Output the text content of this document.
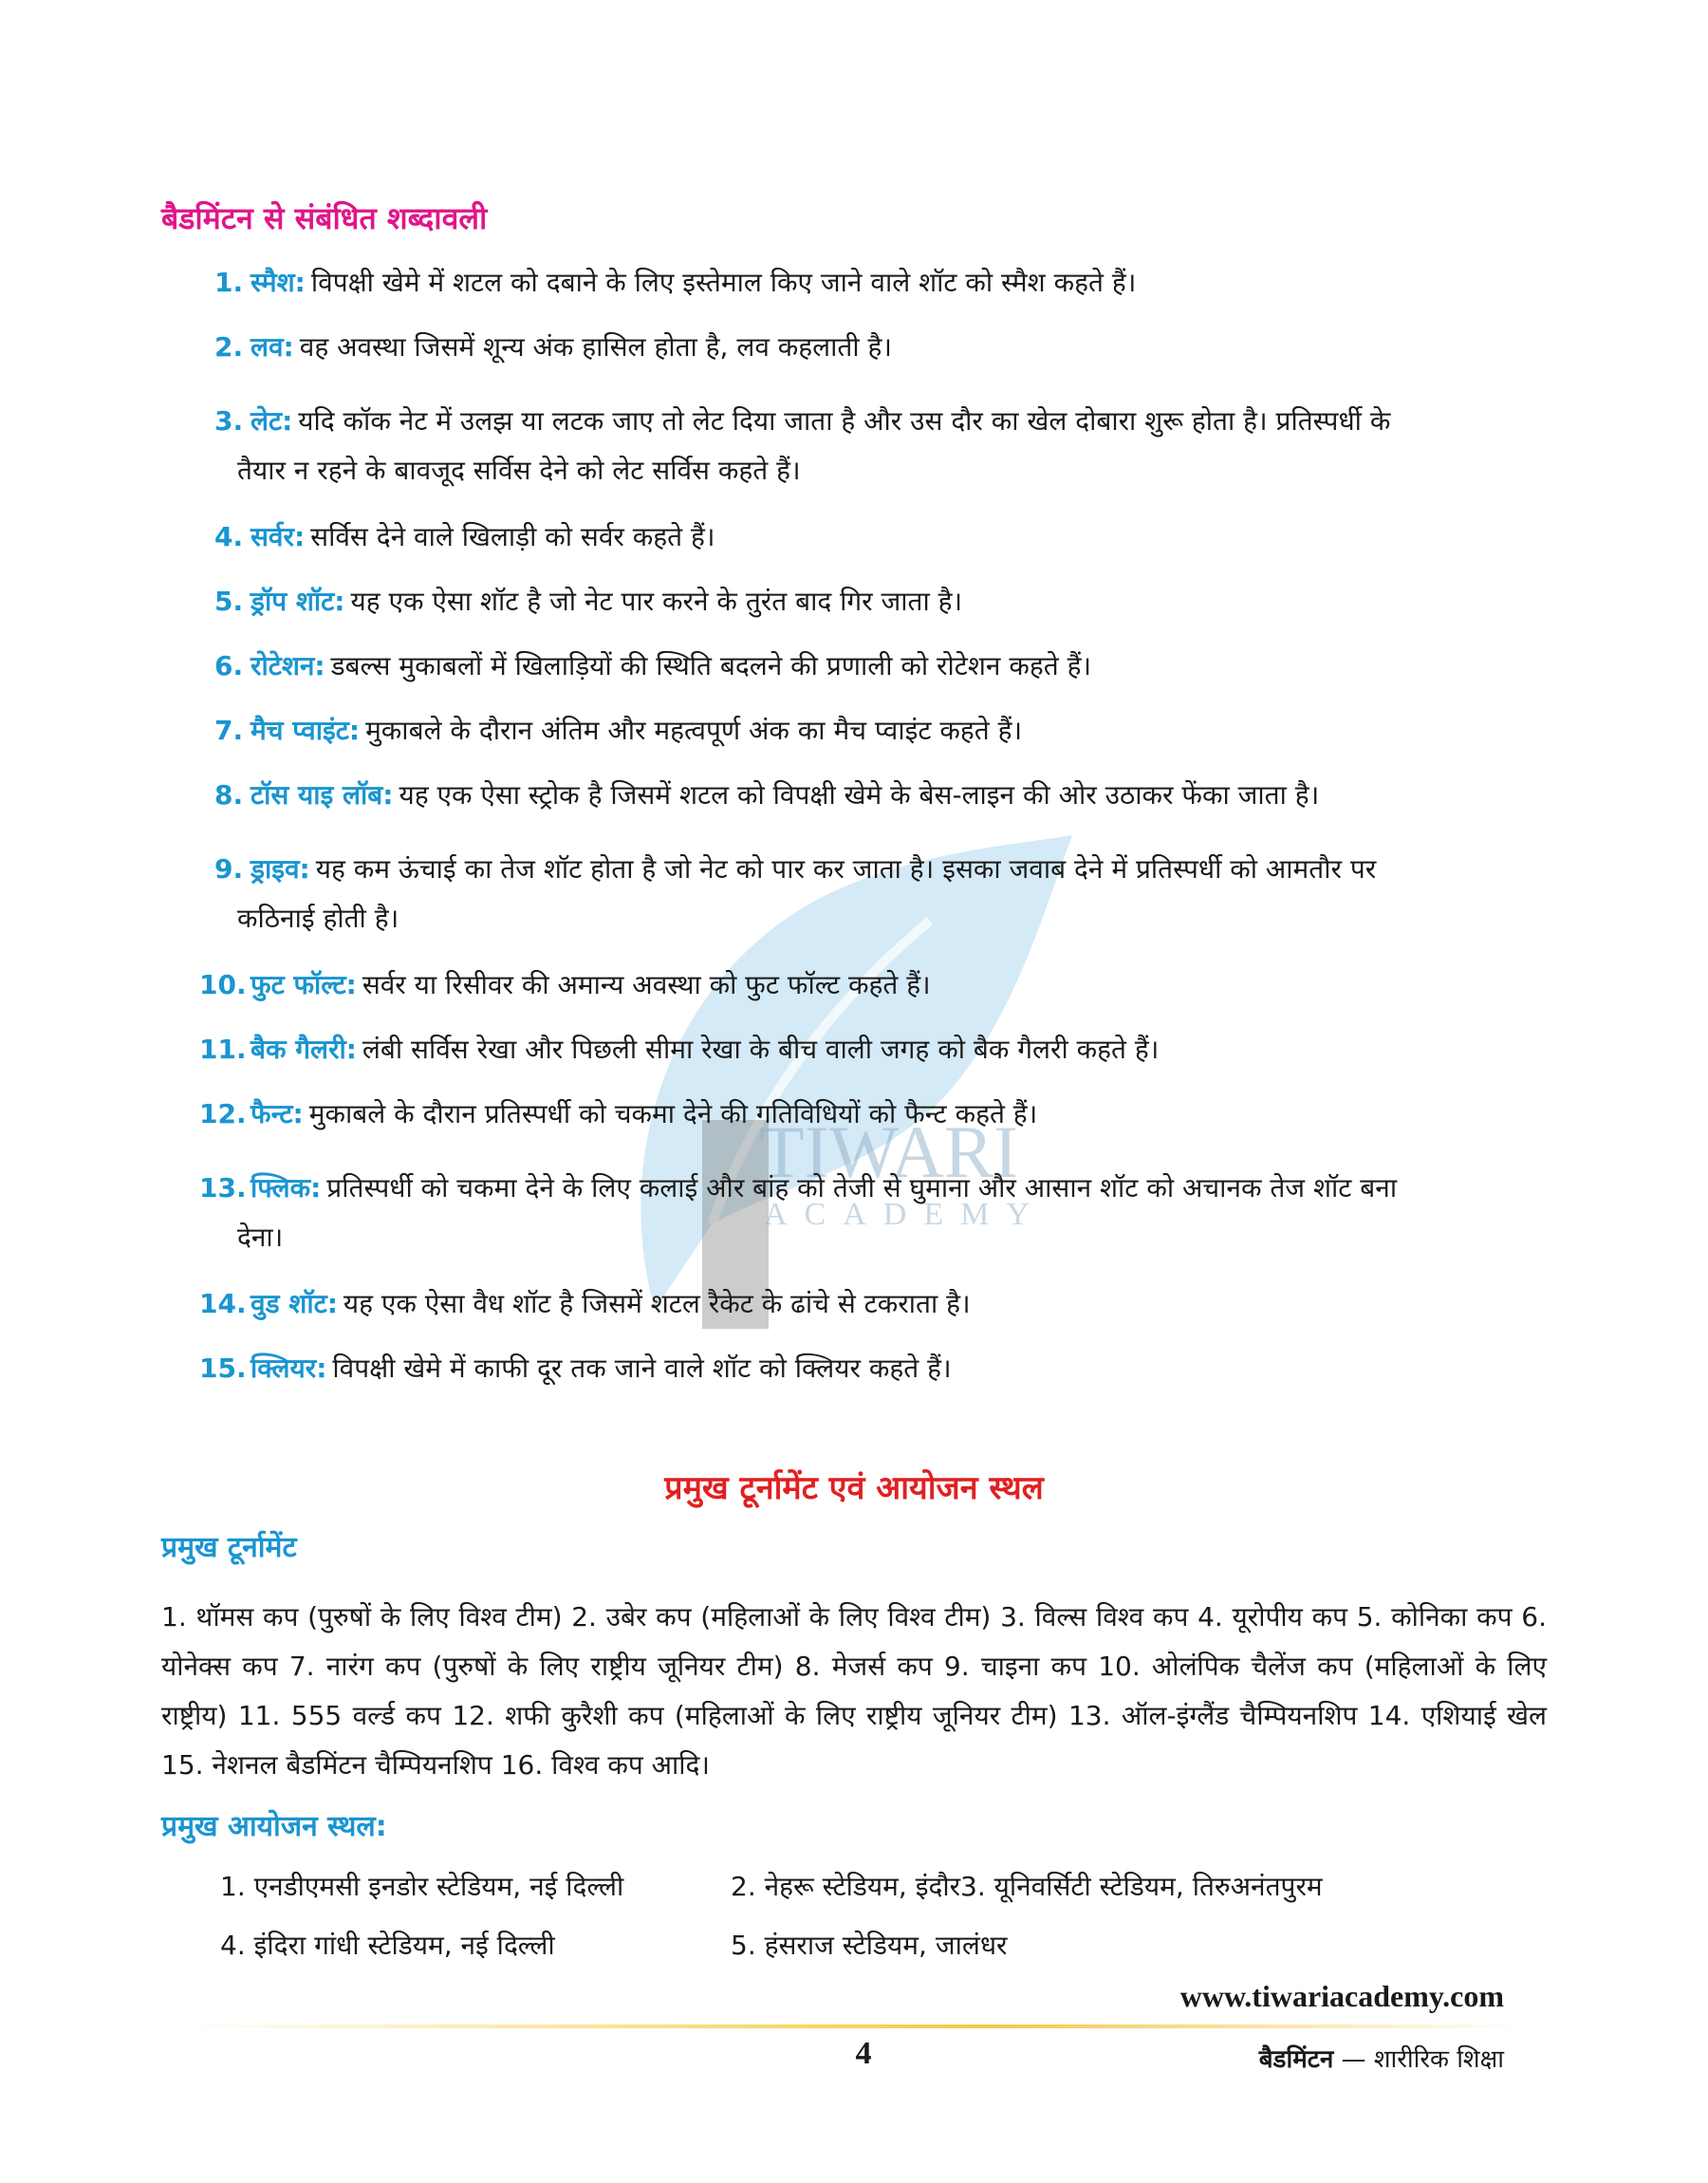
TIWARI
ACADEMY
बैडमिंटन से संबंधित शब्दावली
1. स्मैश: विपक्षी खेमे में शटल को दबाने के लिए इस्तेमाल किए जाने वाले शॉट को स्मैश कहते हैं।
2. लव: वह अवस्था जिसमें शून्य अंक हासिल होता है, लव कहलाती है।
3. लेट: यदि कॉक नेट में उलझ या लटक जाए तो लेट दिया जाता है और उस दौर का खेल दोबारा शुरू होता है। प्रतिस्पर्धी के
तैयार न रहने के बावजूद सर्विस देने को लेट सर्विस कहते हैं।
4. सर्वर: सर्विस देने वाले खिलाड़ी को सर्वर कहते हैं।
5. ड्रॉप शॉट: यह एक ऐसा शॉट है जो नेट पार करने के तुरंत बाद गिर जाता है।
6. रोटेशन: डबल्स मुकाबलों में खिलाड़ियों की स्थिति बदलने की प्रणाली को रोटेशन कहते हैं।
7. मैच प्वाइंट: मुकाबले के दौरान अंतिम और महत्वपूर्ण अंक का मैच प्वाइंट कहते हैं।
8. टॉस याइ लॉब: यह एक ऐसा स्ट्रोक है जिसमें शटल को विपक्षी खेमे के बेस-लाइन की ओर उठाकर फेंका जाता है।
9. ड्राइव: यह कम ऊंचाई का तेज शॉट होता है जो नेट को पार कर जाता है। इसका जवाब देने में प्रतिस्पर्धी को आमतौर पर
कठिनाई होती है।
10. फुट फॉल्ट: सर्वर या रिसीवर की अमान्य अवस्था को फुट फॉल्ट कहते हैं।
11. बैक गैलरी: लंबी सर्विस रेखा और पिछली सीमा रेखा के बीच वाली जगह को बैक गैलरी कहते हैं।
12. फैन्ट: मुकाबले के दौरान प्रतिस्पर्धी को चकमा देने की गतिविधियों को फैन्ट कहते हैं।
13. फ्लिक: प्रतिस्पर्धी को चकमा देने के लिए कलाई और बांह को तेजी से घुमाना और आसान शॉट को अचानक तेज शॉट बना
देना।
14. वुड शॉट: यह एक ऐसा वैध शॉट है जिसमें शटल रैकेट के ढांचे से टकराता है।
15. क्लियर: विपक्षी खेमे में काफी दूर तक जाने वाले शॉट को क्लियर कहते हैं।
प्रमुख टूर्नामेंट एवं आयोजन स्थल
प्रमुख टूर्नामेंट

1. थॉमस कप (पुरुषों के लिए विश्व टीम) 2. उबेर कप (महिलाओं के लिए विश्व टीम) 3. विल्स विश्व कप 4. यूरोपीय कप 5. कोनिका कप 6. योनेक्स कप 7. नारंग कप (पुरुषों के लिए राष्ट्रीय जूनियर टीम) 8. मेजर्स कप 9. चाइना कप 10. ओलंपिक चैलेंज कप (महिलाओं के लिए राष्ट्रीय) 11. 555 वर्ल्ड कप 12. शफी कुरैशी कप (महिलाओं के लिए राष्ट्रीय जूनियर टीम) 13. ऑल-इंग्लैंड चैम्पियनशिप 14. एशियाई खेल 15. नेशनल बैडमिंटन चैम्पियनशिप 16. विश्व कप आदि।

प्रमुख आयोजन स्थल:
1. एनडीएमसी इनडोर स्टेडियम, नई दिल्ली	2. नेहरू स्टेडियम, इंदौर3. यूनिवर्सिटी स्टेडियम, तिरुअनंतपुरम
4. इंदिरा गांधी स्टेडियम, नई दिल्ली	5. हंसराज स्टेडियम, जालंधर
www.tiwariacademy.com
4	बैडमिंटन — शारीरिक शिक्षा
